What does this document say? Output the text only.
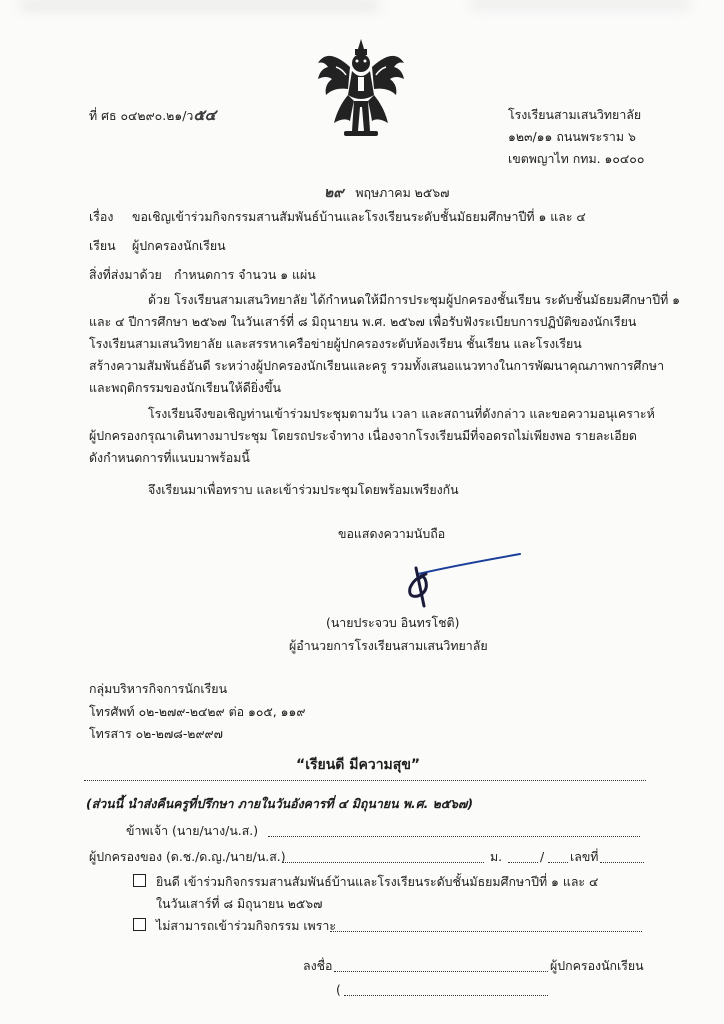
ที่ ศธ ๐๔๒๙๐.๒๑/ว๕๔	โรงเรียนสามเสนวิทยาลัย
๑๒๓/๑๑ ถนนพระราม ๖
เขตพญาไท กทม. ๑๐๔๐๐
๒๙ พฤษภาคม ๒๕๖๗
เรื่อง ขอเชิญเข้าร่วมกิจกรรมสานสัมพันธ์บ้านและโรงเรียนระดับชั้นมัธยมศึกษาปีที่ ๑ และ ๔
เรียน ผู้ปกครองนักเรียน
สิ่งที่ส่งมาด้วย กำหนดการ จำนวน ๑ แผ่น
ด้วย โรงเรียนสามเสนวิทยาลัย ได้กำหนดให้มีการประชุมผู้ปกครองชั้นเรียน ระดับชั้นมัธยมศึกษาปีที่ ๑
และ ๔ ปีการศึกษา ๒๕๖๗ ในวันเสาร์ที่ ๘ มิถุนายน พ.ศ. ๒๕๖๗ เพื่อรับฟังระเบียบการปฏิบัติของนักเรียน
โรงเรียนสามเสนวิทยาลัย และสรรหาเครือข่ายผู้ปกครองระดับห้องเรียน ชั้นเรียน และโรงเรียน
สร้างความสัมพันธ์อันดี ระหว่างผู้ปกครองนักเรียนและครู รวมทั้งเสนอแนวทางในการพัฒนาคุณภาพการศึกษา
และพฤติกรรมของนักเรียนให้ดียิ่งขึ้น
โรงเรียนจึงขอเชิญท่านเข้าร่วมประชุมตามวัน เวลา และสถานที่ดังกล่าว และขอความอนุเคราะห์
ผู้ปกครองกรุณาเดินทางมาประชุม โดยรถประจำทาง เนื่องจากโรงเรียนมีที่จอดรถไม่เพียงพอ รายละเอียด
ดังกำหนดการที่แนบมาพร้อมนี้
จึงเรียนมาเพื่อทราบ และเข้าร่วมประชุมโดยพร้อมเพรียงกัน
ขอแสดงความนับถือ
(นายประจวบ อินทรโชติ)
ผู้อำนวยการโรงเรียนสามเสนวิทยาลัย
กลุ่มบริหารกิจการนักเรียน
โทรศัพท์ ๐๒-๒๗๙-๒๔๒๙ ต่อ ๑๐๕, ๑๑๙
โทรสาร ๐๒-๒๗๘-๒๙๙๗
“เรียนดี มีความสุข”
(ส่วนนี้ นำส่งคืนครูที่ปรึกษา ภายในวันอังคารที่ ๔ มิถุนายน พ.ศ. ๒๕๖๗)
ข้าพเจ้า (นาย/นาง/น.ส.)
ผู้ปกครองของ (ด.ช./ด.ญ./นาย/น.ส.)	ม.	/ เลขที่
ยินดี เข้าร่วมกิจกรรมสานสัมพันธ์บ้านและโรงเรียนระดับชั้นมัธยมศึกษาปีที่ ๑ และ ๔
ในวันเสาร์ที่ ๘ มิถุนายน ๒๕๖๗
ไม่สามารถเข้าร่วมกิจกรรม เพราะ
ลงชื่อ	ผู้ปกครองนักเรียน
(
